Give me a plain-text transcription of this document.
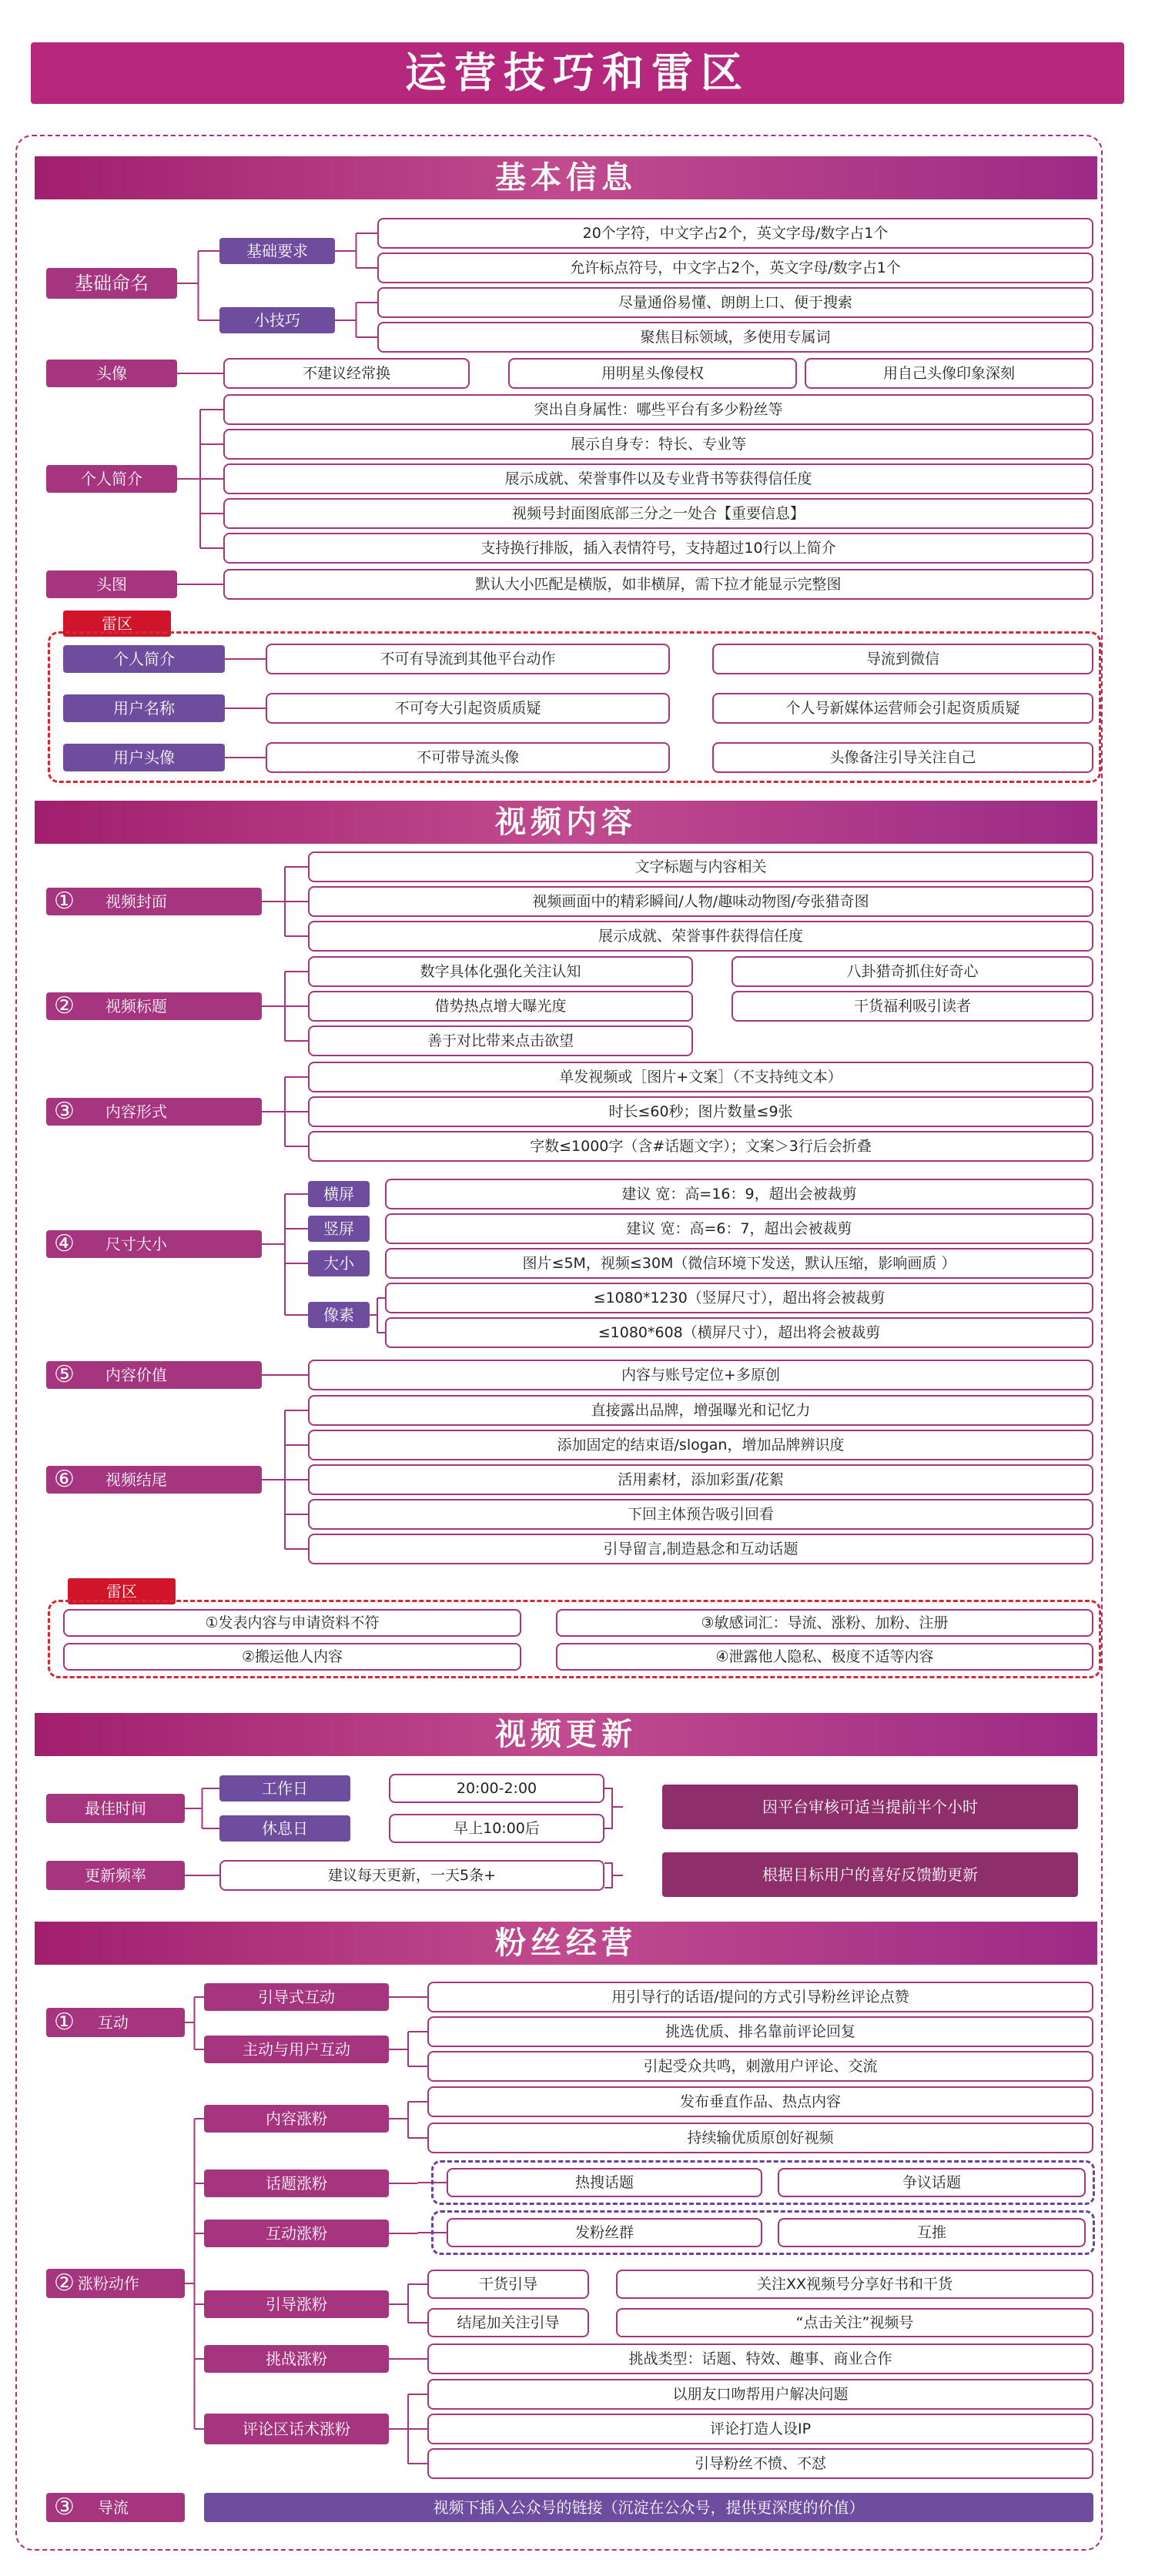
运营技巧和雷区
基本信息
基础命名
基础要求
20个字符，中文字占2个，英文字母/数字占1个
允许标点符号，中文字占2个，英文字母/数字占1个
小技巧
尽量通俗易懂、朗朗上口、便于搜索
聚焦目标领域，多使用专属词
头像	不建议经常换	用明星头像侵权	用自己头像印象深刻
个人简介
突出自身属性：哪些平台有多少粉丝等
展示自身专：特长、专业等
展示成就、荣誉事件以及专业背书等获得信任度
视频号封面图底部三分之一处合【重要信息】
支持换行排版，插入表情符号，支持超过10行以上简介
头图	默认大小匹配是横版，如非横屏，需下拉才能显示完整图
雷区
个人简介	不可有导流到其他平台动作	导流到微信
用户名称	不可夸大引起资质质疑	个人号新媒体运营师会引起资质质疑
用户头像	不可带导流头像	头像备注引导关注自己
视频内容
① 视频封面
文字标题与内容相关
视频画面中的精彩瞬间/人物/趣味动物图/夸张猎奇图
展示成就、荣誉事件获得信任度
② 视频标题
数字具体化强化关注认知	八卦猎奇抓住好奇心
借势热点增大曝光度	干货福利吸引读者
善于对比带来点击欲望
③ 内容形式
单发视频或［图片+文案］（不支持纯文本）
时长≤60秒；图片数量≤9张
字数≤1000字（含#话题文字）；文案＞3行后会折叠
④ 尺寸大小
横屏	建议 宽：高=16：9，超出会被裁剪
竖屏	建议 宽：高=6：7，超出会被裁剪
大小	图片≤5M，视频≤30M（微信环境下发送，默认压缩，影响画质 ）
像素
≤1080*1230（竖屏尺寸），超出将会被裁剪
≤1080*608（横屏尺寸），超出将会被裁剪
⑤ 内容价值	内容与账号定位+多原创
⑥ 视频结尾
直接露出品牌，增强曝光和记忆力
添加固定的结束语/slogan，增加品牌辨识度
活用素材，添加彩蛋/花絮
下回主体预告吸引回看
引导留言,制造悬念和互动话题
雷区
①发表内容与申请资料不符	③敏感词汇：导流、涨粉、加粉、注册
②搬运他人内容	④泄露他人隐私、极度不适等内容
视频更新
最佳时间
工作日	20:00-2:00
休息日	早上10:00后
因平台审核可适当提前半个小时
更新频率	建议每天更新，一天5条+	根据目标用户的喜好反馈勤更新
粉丝经营
① 互动
引导式互动	用引导行的话语/提问的方式引导粉丝评论点赞
主动与用户互动
挑选优质、排名靠前评论回复
引起受众共鸣，刺激用户评论、交流
② 涨粉动作
内容涨粉
发布垂直作品、热点内容
持续输优质原创好视频
话题涨粉	热搜话题	争议话题
互动涨粉	发粉丝群	互推
引导涨粉
干货引导	关注XX视频号分享好书和干货
结尾加关注引导	“点击关注”视频号
挑战涨粉	挑战类型：话题、特效、趣事、商业合作
评论区话术涨粉
以朋友口吻帮用户解决问题
评论打造人设IP
引导粉丝不愤、不怼
③ 导流	视频下插入公众号的链接（沉淀在公众号，提供更深度的价值）
